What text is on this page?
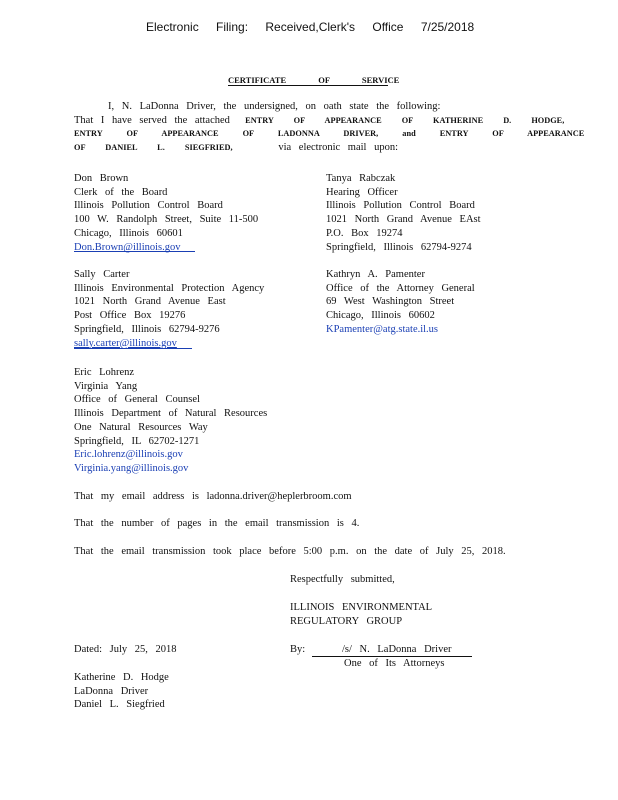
Electronic Filing: Received,Clerk's Office 7/25/2018
CERTIFICATE OF SERVICE
I, N. LaDonna Driver, the undersigned, on oath state the following:
That I have served the attached ENTRY OF APPEARANCE OF KATHERINE D. HODGE,
ENTRY OF APPEARANCE OF LADONNA DRIVER, and ENTRY OF APPEARANCE
OF DANIEL L. SIEGFRIED,	via electronic mail upon:
Don Brown
Clerk of the Board
Illinois Pollution Control Board
100 W. Randolph Street, Suite 11-500
Chicago, Illinois 60601
Don.Brown@illinois.gov
Tanya Rabczak
Hearing Officer
Illinois Pollution Control Board
1021 North Grand Avenue EAst
P.O. Box 19274
Springfield, Illinois 62794-9274
Sally Carter
Illinois Environmental Protection Agency
1021 North Grand Avenue East
Post Office Box 19276
Springfield, Illinois 62794-9276
sally.carter@illinois.gov
Kathryn A. Pamenter
Office of the Attorney General
69 West Washington Street
Chicago, Illinois 60602
KPamenter@atg.state.il.us
Eric Lohrenz
Virginia Yang
Office of General Counsel
Illinois Department of Natural Resources
One Natural Resources Way
Springfield, IL 62702-1271
Eric.lohrenz@illinois.gov
Virginia.yang@illinois.gov
That my email address is ladonna.driver@heplerbroom.com
That the number of pages in the email transmission is 4.
That the email transmission took place before 5:00 p.m. on the date of July 25, 2018.
Respectfully submitted,
ILLINOIS ENVIRONMENTAL
REGULATORY GROUP
Dated: July 25, 2018	By:	/s/ N. LaDonna Driver
One of Its Attorneys
Katherine D. Hodge
LaDonna Driver
Daniel L. Siegfried
